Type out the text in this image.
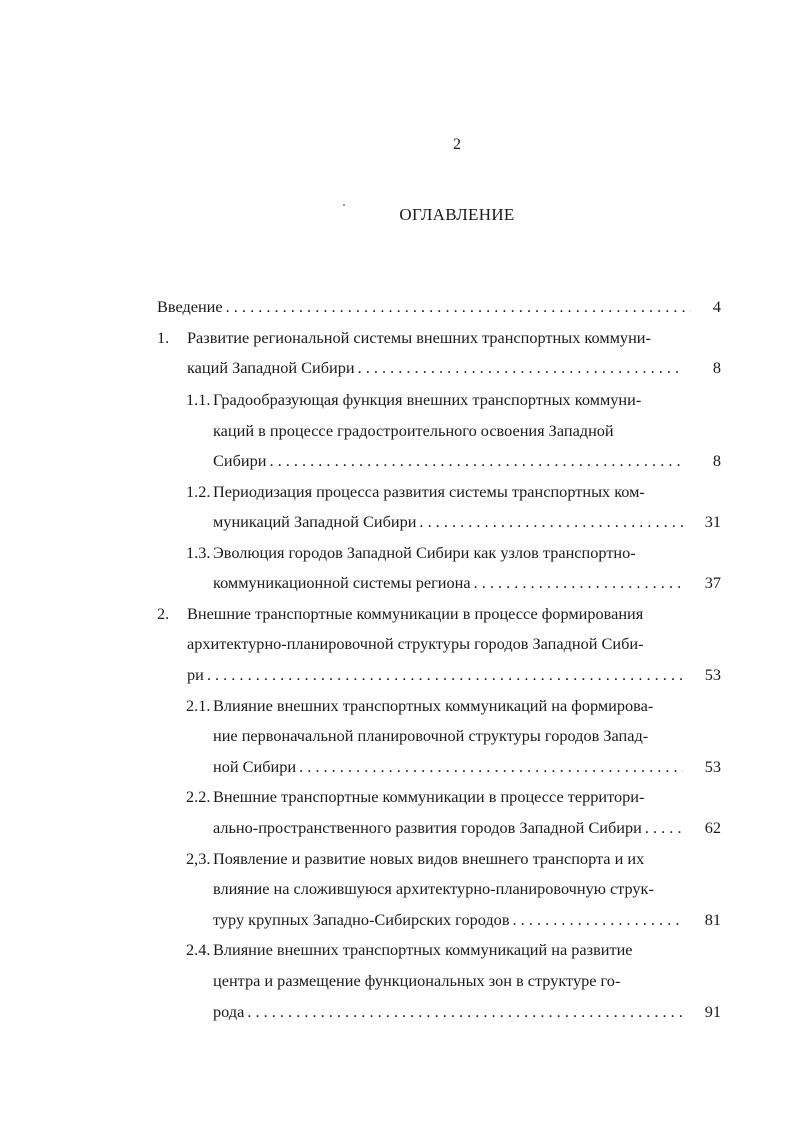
2
ОГЛАВЛЕНИЕ
Введение . . .	4
1.	Развитие региональной системы внешних транспортных коммуни-
каций Западной Сибири . . .	8
1.1. Градообразующая функция внешних транспортных коммуни-
каций в процессе градостроительного освоения Западной
Сибири . . .	8
1.2. Периодизация процесса развития системы транспортных ком-
муникаций Западной Сибири . . .	31
1.3. Эволюция городов Западной Сибири как узлов транспортно-
коммуникационной системы региона . . .	37
2.	Внешние транспортные коммуникации в процессе формирования
архитектурно-планировочной структуры городов Западной Сиби-
ри . . .	53
2.1. Влияние внешних транспортных коммуникаций на формирова-
ние первоначальной планировочной структуры городов Запад-
ной Сибири . . .	53
2.2. Внешние транспортные коммуникации в процессе территори-
ально-пространственного развития городов Западной Сибири . . .	62
2,3. Появление и развитие новых видов внешнего транспорта и их
влияние на сложившуюся архитектурно-планировочную струк-
туру крупных Западно-Сибирских городов . . .	81
2.4. Влияние внешних транспортных коммуникаций на развитие
центра и размещение функциональных зон в структуре го-
рода . . .	91
